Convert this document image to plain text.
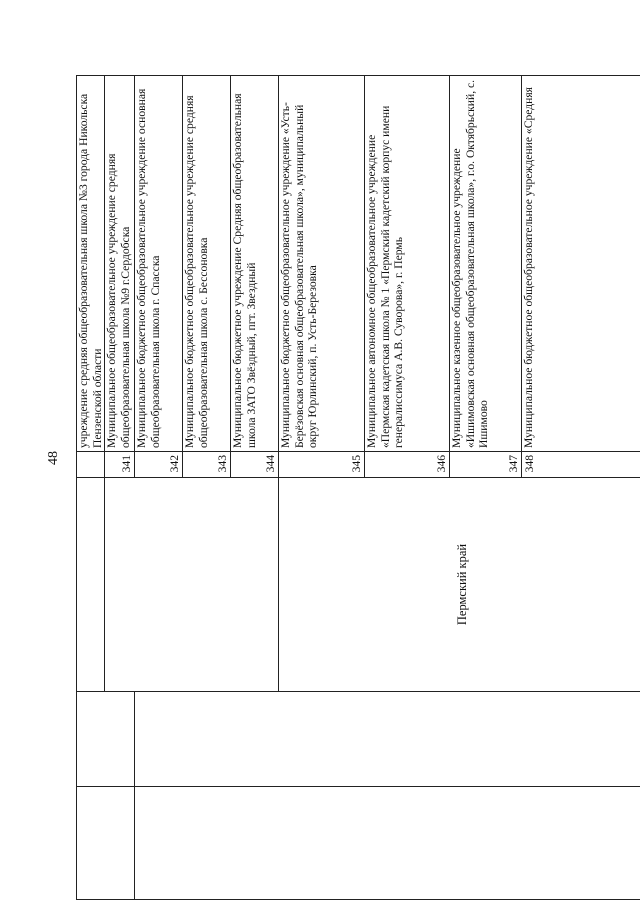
48
				учреждение средняя общеобразовательная школа №3 города Никольска Пензенской области
			341	Муниципальное общеобразовательное учреждение средняя общеобразовательная школа №9 г.Сердобска
			342	Муниципальное бюджетное общеобразовательное учреждение основная общеобразовательная школа г. Спасска
			343	Муниципальное бюджетное общеобразовательное учреждение средняя общеобразовательная школа с. Бессоновка
			344	Муниципальное бюджетное учреждение Средняя общеобразовательная школа ЗАТО Звёздный, пгт. Звездный
		Пермский край	345	Муниципальное бюджетное общеобразовательное учреждение «Усть-Берёзовская основная общеобразовательная школа», муниципальный округ Юрлинский, п. Усть-Березовка
			346	Муниципальное автономное общеобразовательное учреждение «Пермская кадетская школа № 1 «Пермский кадетский корпус имени генералиссимуса А.В. Суворова», г. Пермь
			347	Муниципальное казенное общеобразовательное учреждение «Ишимовская основная общеобразовательная школа», г.о. Октябрьский, с. Ишимово
			348	Муниципальное бюджетное общеобразовательное учреждение «Средняя
